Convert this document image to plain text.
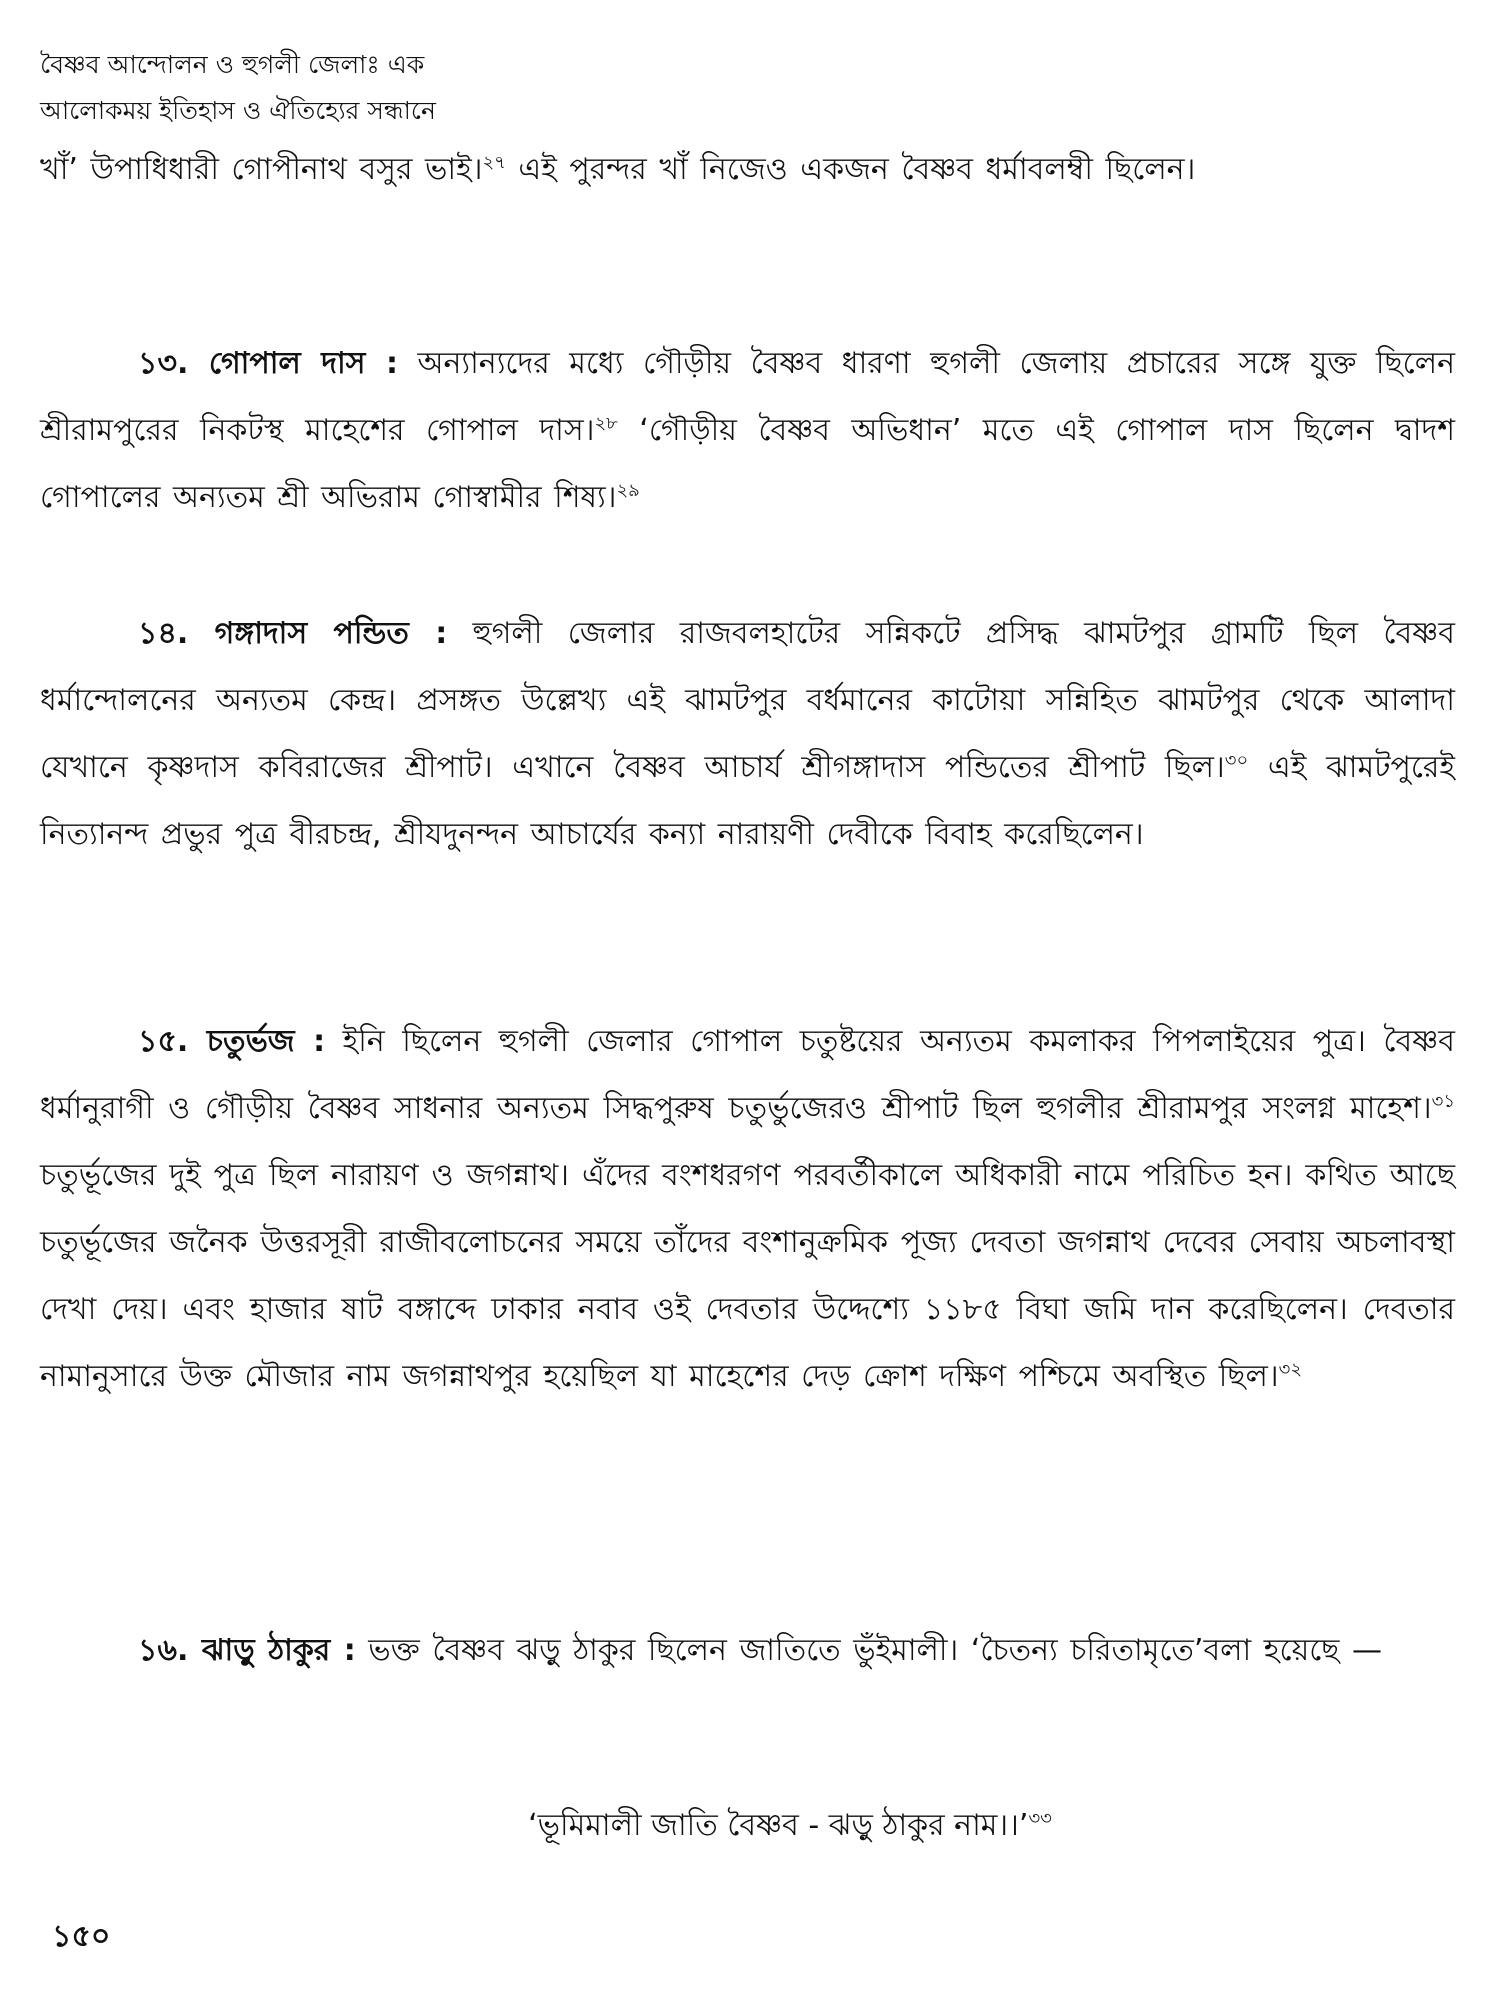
বৈষ্ণব আন্দোলন ও হুগলী জেলাঃ এক
আলোকময় ইতিহাস ও ঐতিহ্যের সন্ধানে
খাঁ’ উপাধিধারী গোপীনাথ বসুর ভাই।$^{২৭}$ এই পুরন্দর খাঁ নিজেও একজন বৈষ্ণব ধর্মাবলম্বী ছিলেন।
১৩. গোপাল দাস : অন্যান্যদের মধ্যে গৌড়ীয় বৈষ্ণব ধারণা হুগলী জেলায় প্রচারের সঙ্গে যুক্ত ছিলেন শ্রীরামপুরের নিকটস্থ মাহেশের গোপাল দাস।$^{২৮}$ ‘গৌড়ীয় বৈষ্ণব অভিধান’ মতে এই গোপাল দাস ছিলেন দ্বাদশ গোপালের অন্যতম শ্রী অভিরাম গোস্বামীর শিষ্য।$^{২৯}$
১৪. গঙ্গাদাস পন্ডিত : হুগলী জেলার রাজবলহাটের সন্নিকটে প্রসিদ্ধ ঝামটপুর গ্রামটি ছিল বৈষ্ণব ধর্মান্দোলনের অন্যতম কেন্দ্র। প্রসঙ্গত উল্লেখ্য এই ঝামটপুর বর্ধমানের কাটোয়া সন্নিহিত ঝামটপুর থেকে আলাদা যেখানে কৃষ্ণদাস কবিরাজের শ্রীপাট। এখানে বৈষ্ণব আচার্য শ্রীগঙ্গাদাস পন্ডিতের শ্রীপাট ছিল।$^{৩০}$ এই ঝামটপুরেই নিত্যানন্দ প্রভুর পুত্র বীরচন্দ্র, শ্রীযদুনন্দন আচার্যের কন্যা নারায়ণী দেবীকে বিবাহ করেছিলেন।
১৫. চতুর্ভজ : ইনি ছিলেন হুগলী জেলার গোপাল চতুষ্টয়ের অন্যতম কমলাকর পিপলাইয়ের পুত্র। বৈষ্ণব ধর্মানুরাগী ও গৌড়ীয় বৈষ্ণব সাধনার অন্যতম সিদ্ধপুরুষ চতুর্ভুজেরও শ্রীপাট ছিল হুগলীর শ্রীরামপুর সংলগ্ন মাহেশ।$^{৩১}$ চতুর্ভূজের দুই পুত্র ছিল নারায়ণ ও জগন্নাথ। এঁদের বংশধরগণ পরবর্তীকালে অধিকারী নামে পরিচিত হন। কথিত আছে চতুর্ভূজের জনৈক উত্তরসূরী রাজীবলোচনের সময়ে তাঁদের বংশানুক্রমিক পূজ্য দেবতা জগন্নাথ দেবের সেবায় অচলাবস্থা দেখা দেয়। এবং হাজার ষাট বঙ্গাব্দে ঢাকার নবাব ওই দেবতার উদ্দেশ্যে ১১৮৫ বিঘা জমি দান করেছিলেন। দেবতার নামানুসারে উক্ত মৌজার নাম জগন্নাথপুর হয়েছিল যা মাহেশের দেড় ক্রোশ দক্ষিণ পশ্চিমে অবস্থিত ছিল।$^{৩২}$
১৬. ঝাড়ু ঠাকুর : ভক্ত বৈষ্ণব ঝড়ু ঠাকুর ছিলেন জাতিতে ভুঁইমালী। ‘চৈতন্য চরিতামৃতে’বলা হয়েছে —
‘ভূমিমালী জাতি বৈষ্ণব - ঝড়ু ঠাকুর নাম।।’$^{৩৩}$
১৫০
